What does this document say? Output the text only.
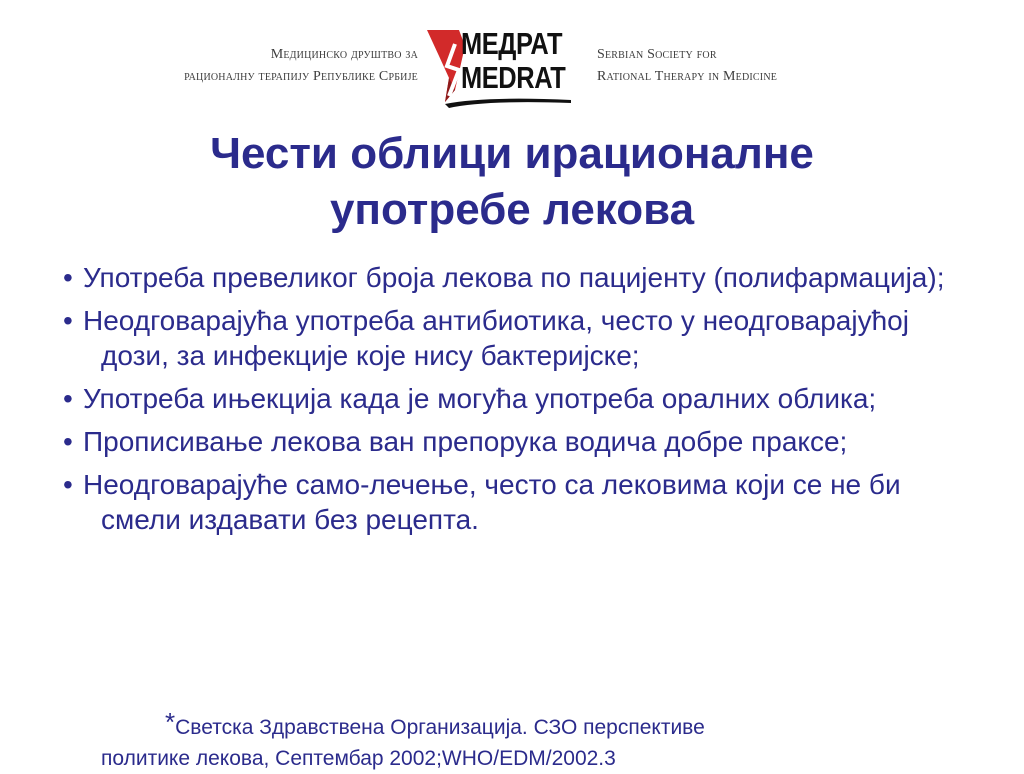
Медицинско друштво за
рационалну терапију Републике Србије
МЕДРАТ
MEDRAT
Serbian Society for
Rational Therapy in Medicine
Чести облици ирационалне
употребе лекова
• Употреба превеликог броја лекова по пацијенту (полифармација);
• Неодговарајућа употреба антибиотика, често у неодговарајућој дози, за инфекције које нису бактеријске;
• Употреба ињекција када је могућа употреба оралних облика;
• Прописивање лекова ван препорука водича добре праксе;
• Неодговарајуће само-лечење, често са лековима који се не би смели издавати без рецепта.
*Светска Здравствена Организација. СЗО перспективе
политике лекова, Септембар 2002;WHO/EDM/2002.3
